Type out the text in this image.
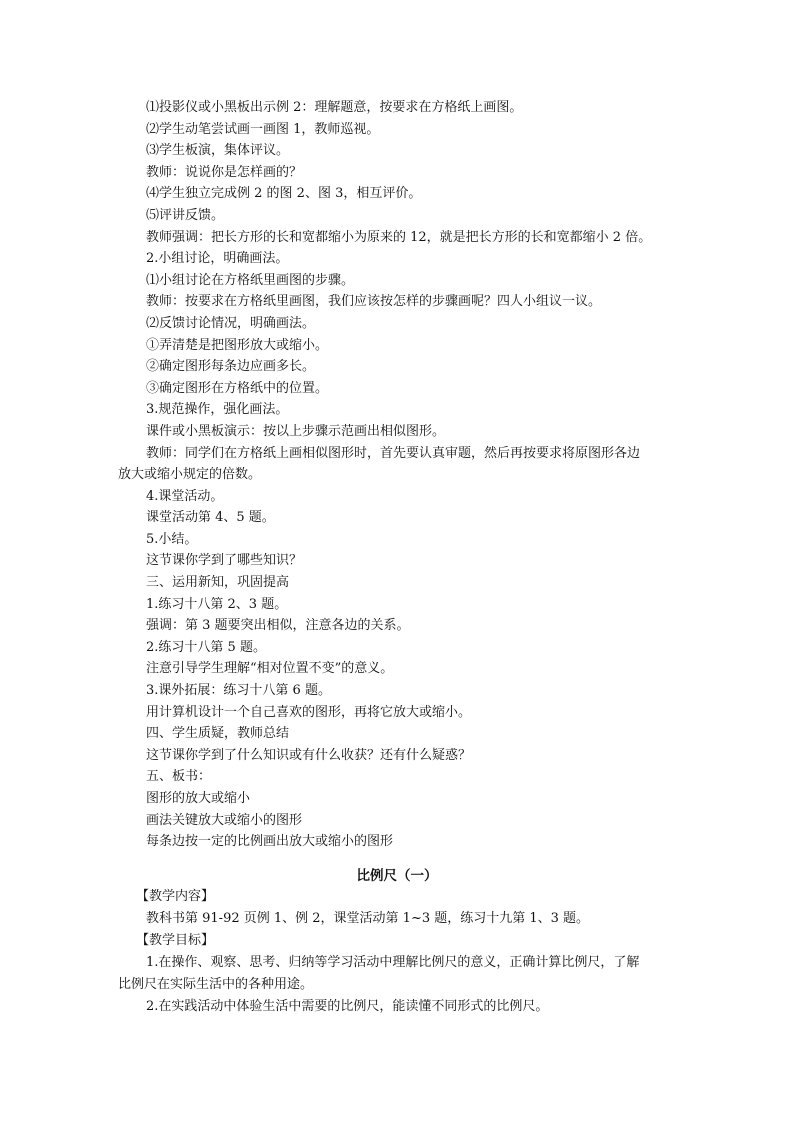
⑴投影仪或小黑板出示例 2：理解题意，按要求在方格纸上画图。
⑵学生动笔尝试画一画图 1，教师巡视。
⑶学生板演，集体评议。
教师：说说你是怎样画的？
⑷学生独立完成例 2 的图 2、图 3，相互评价。
⑸评讲反馈。
教师强调：把长方形的长和宽都缩小为原来的 12，就是把长方形的长和宽都缩小 2 倍。
2.小组讨论，明确画法。
⑴小组讨论在方格纸里画图的步骤。
教师：按要求在方格纸里画图，我们应该按怎样的步骤画呢？四人小组议一议。
⑵反馈讨论情况，明确画法。
①弄清楚是把图形放大或缩小。
②确定图形每条边应画多长。
③确定图形在方格纸中的位置。
3.规范操作，强化画法。
课件或小黑板演示：按以上步骤示范画出相似图形。
教师：同学们在方格纸上画相似图形时，首先要认真审题，然后再按要求将原图形各边
放大或缩小规定的倍数。
4.课堂活动。
课堂活动第 4、5 题。
5.小结。
这节课你学到了哪些知识？
三、运用新知，巩固提高
1.练习十八第 2、3 题。
强调：第 3 题要突出相似，注意各边的关系。
2.练习十八第 5 题。
注意引导学生理解“相对位置不变”的意义。
3.课外拓展：练习十八第 6 题。
用计算机设计一个自己喜欢的图形，再将它放大或缩小。
四、学生质疑，教师总结
这节课你学到了什么知识或有什么收获？还有什么疑惑？
五、板书：
图形的放大或缩小
画法关键放大或缩小的图形
每条边按一定的比例画出放大或缩小的图形
比例尺（一）
【教学内容】
教科书第 91-92 页例 1、例 2，课堂活动第 1~3 题，练习十九第 1、3 题。
【教学目标】
1.在操作、观察、思考、归纳等学习活动中理解比例尺的意义，正确计算比例尺，了解
比例尺在实际生活中的各种用途。
2.在实践活动中体验生活中需要的比例尺，能读懂不同形式的比例尺。
